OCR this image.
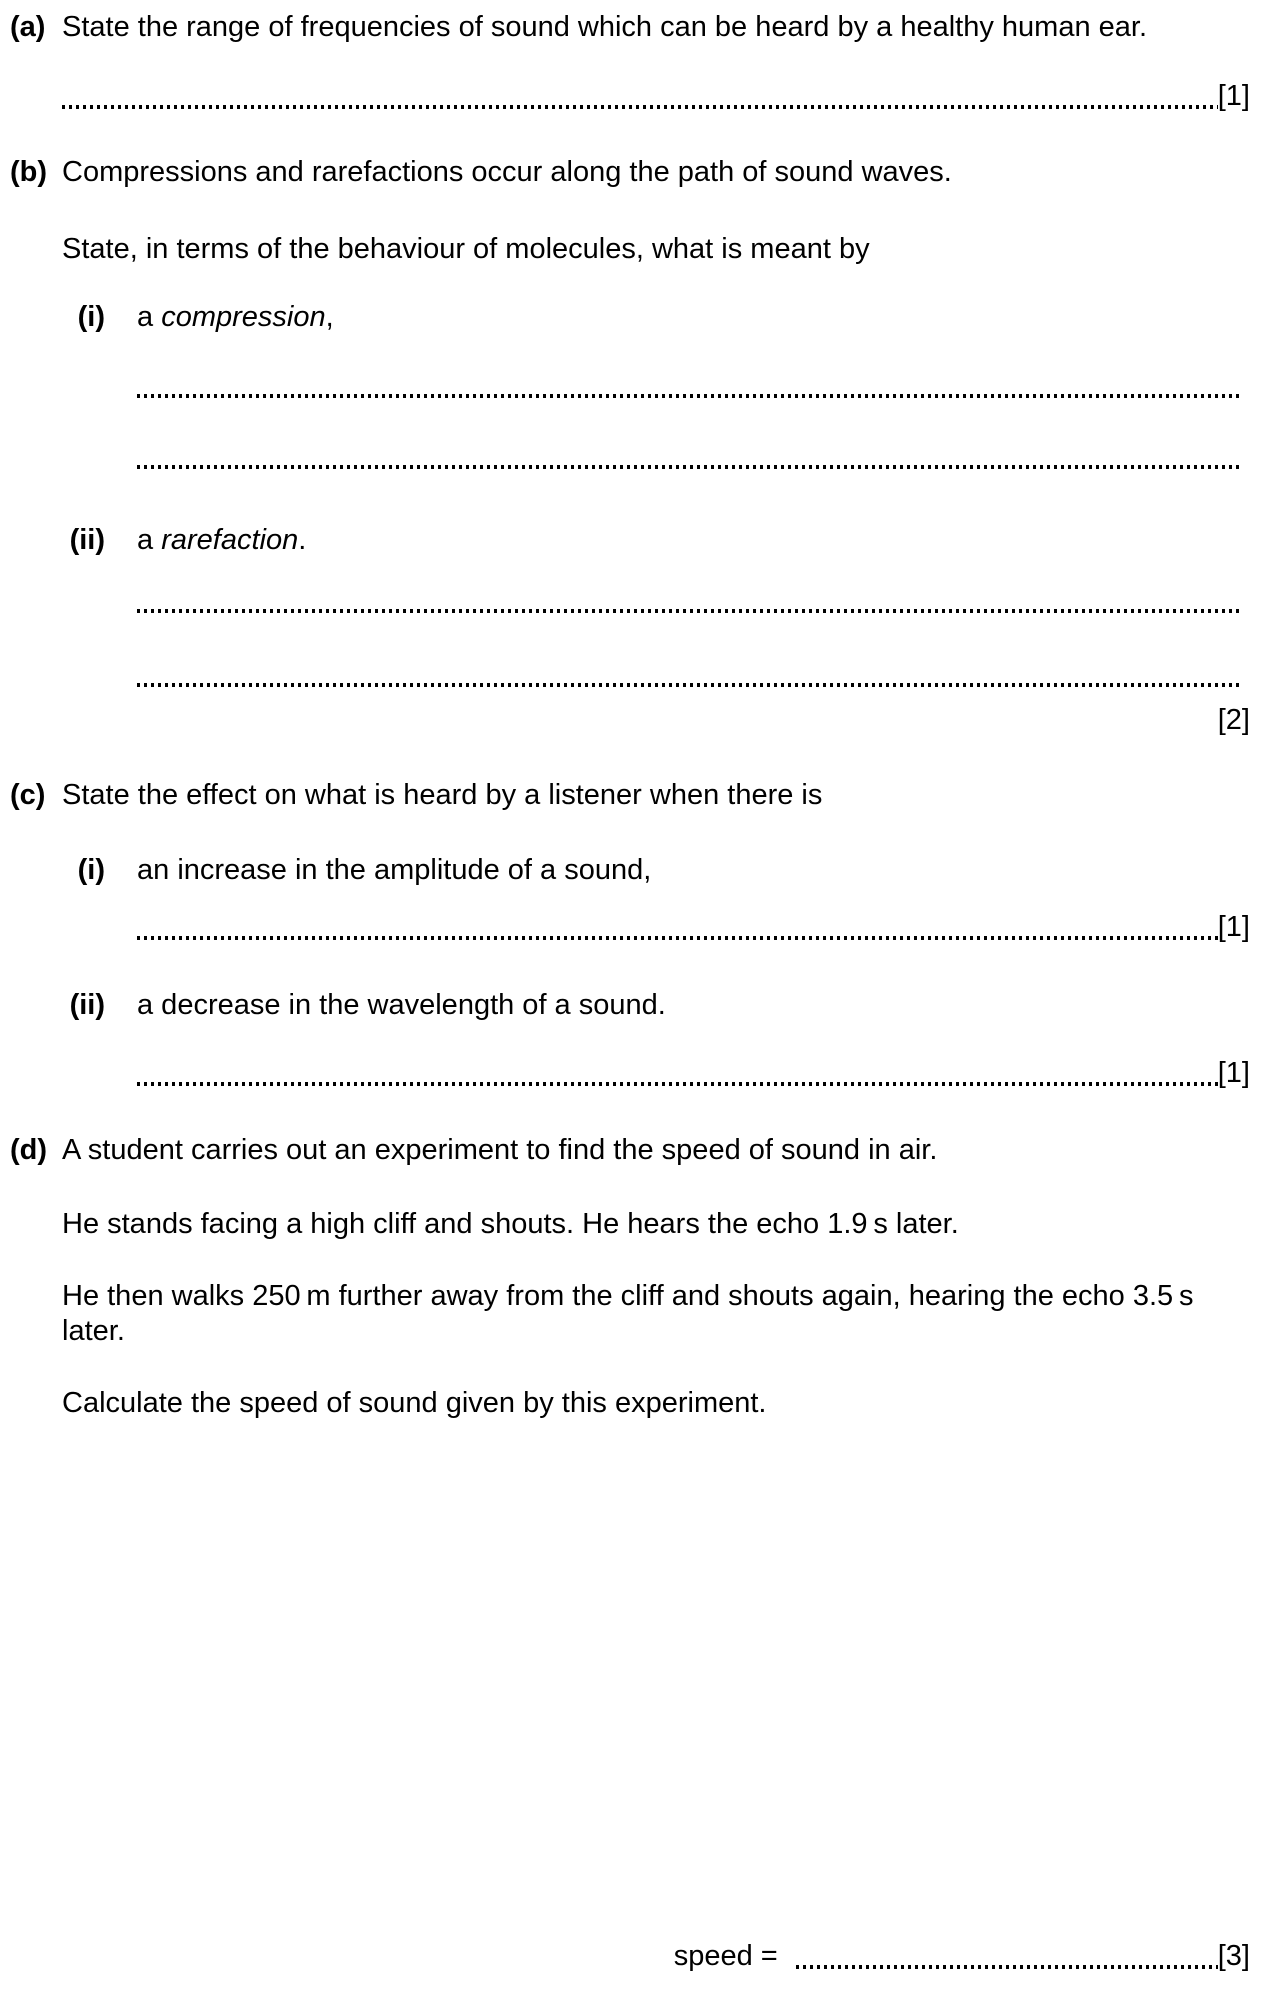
(a) State the range of frequencies of sound which can be heard by a healthy human ear.
[1]
(b) Compressions and rarefactions occur along the path of sound waves.
State, in terms of the behaviour of molecules, what is meant by
(i) a compression,
(ii) a rarefaction.
[2]
(c) State the effect on what is heard by a listener when there is
(i) an increase in the amplitude of a sound,
[1]
(ii) a decrease in the wavelength of a sound.
[1]
(d) A student carries out an experiment to find the speed of sound in air.
He stands facing a high cliff and shouts. He hears the echo 1.9 s later.
He then walks 250 m further away from the cliff and shouts again, hearing the echo 3.5 s later.
Calculate the speed of sound given by this experiment.
speed =	[3]
